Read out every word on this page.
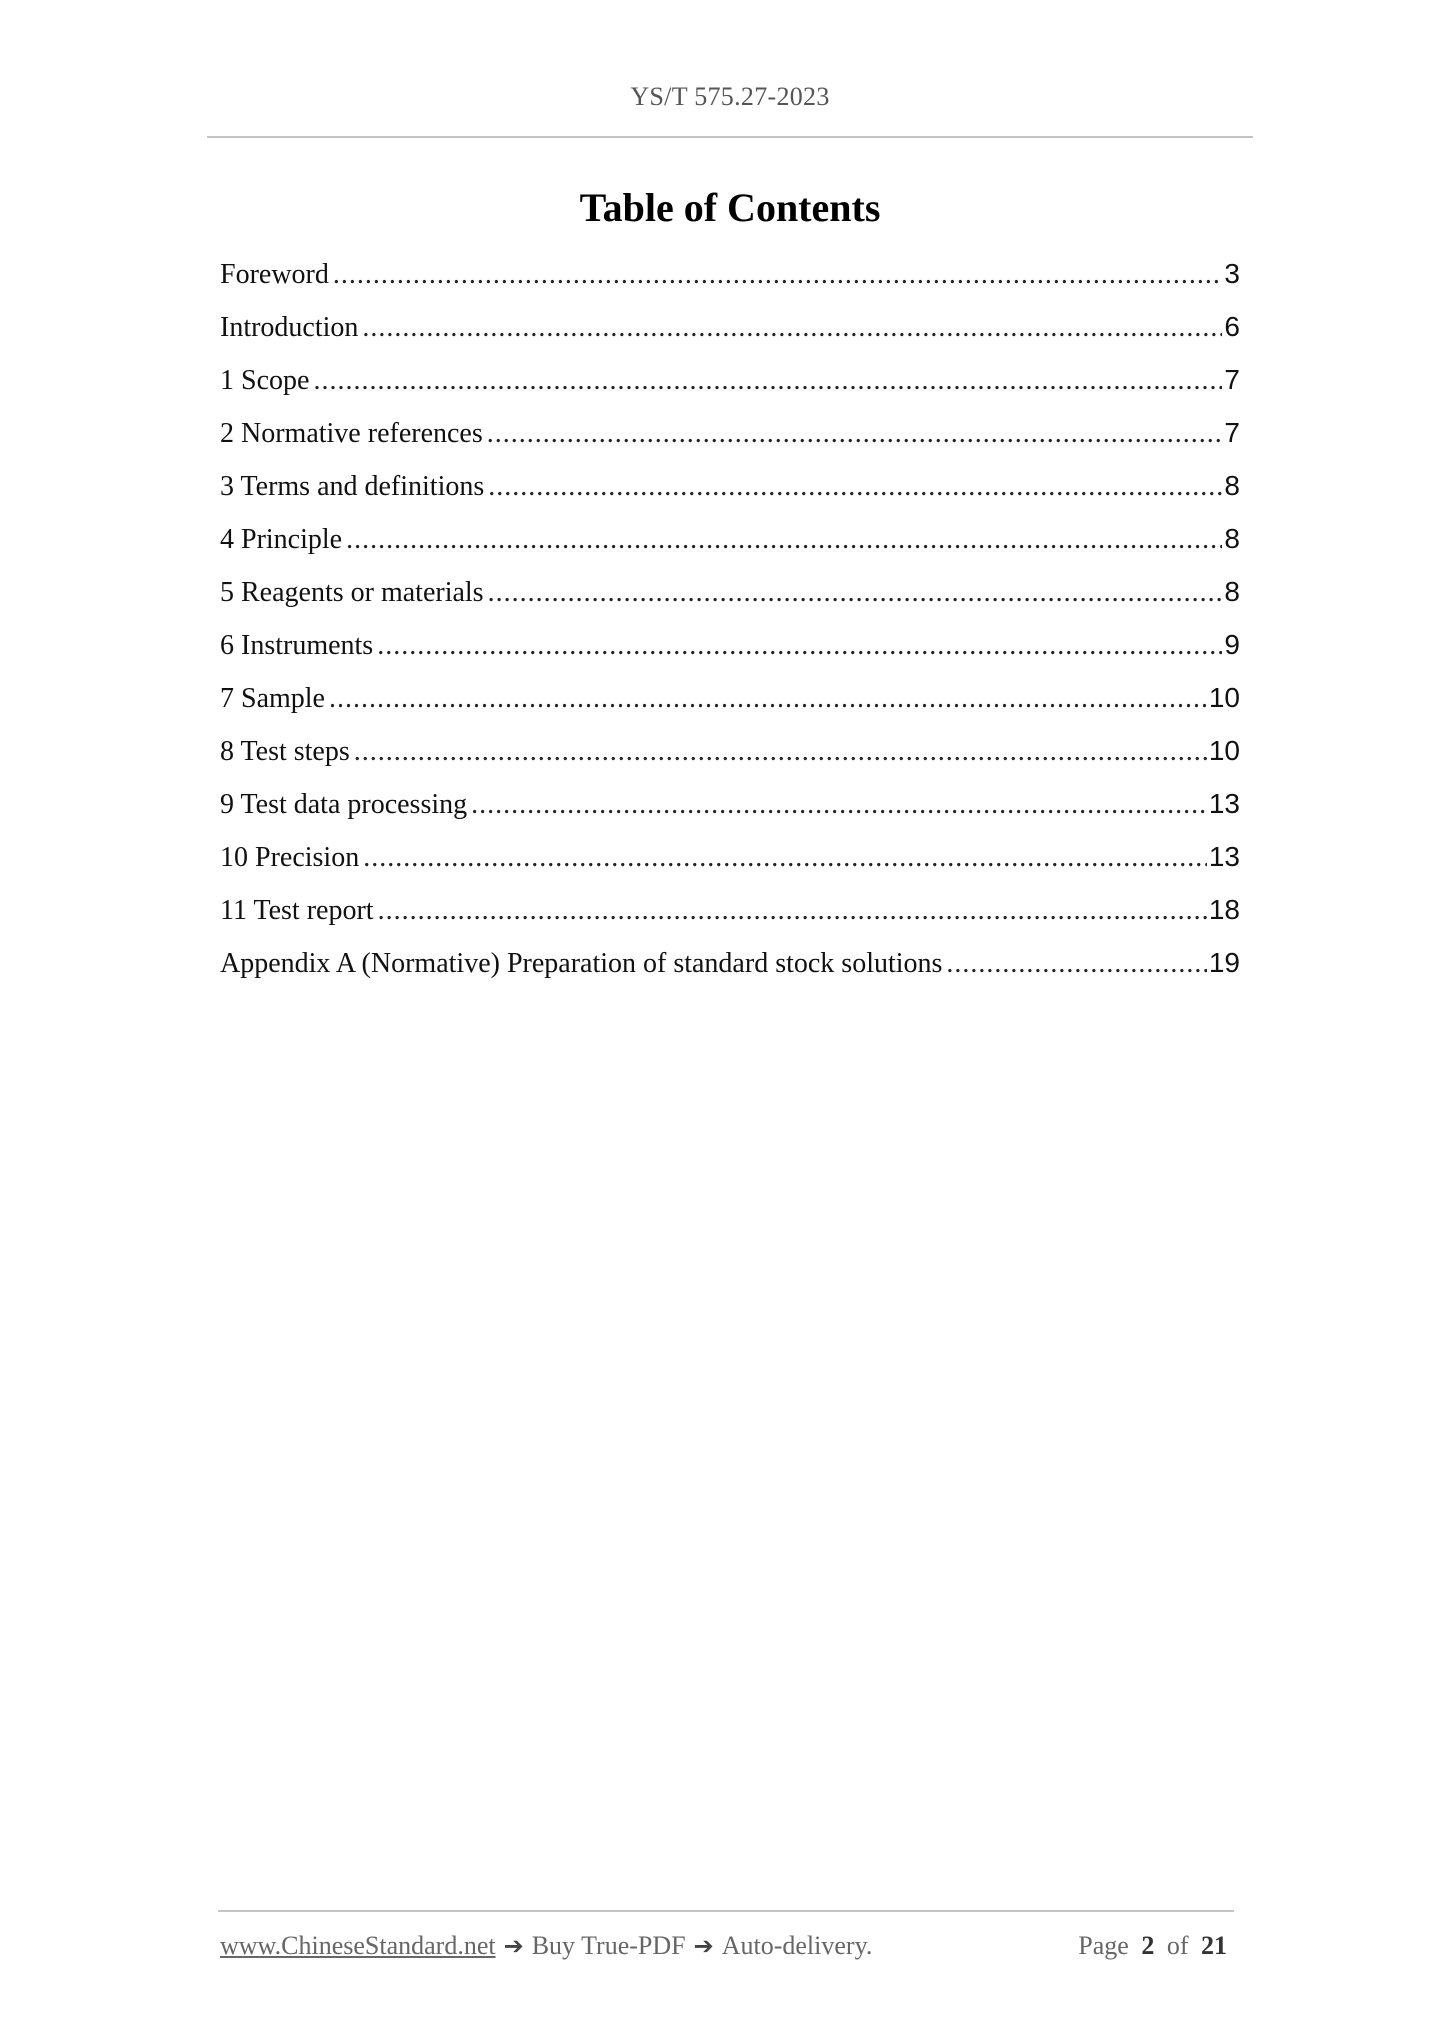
YS/T 575.27-2023
Table of Contents
Foreword .....	3
Introduction .....	6
1 Scope .....	7
2 Normative references .....	7
3 Terms and definitions .....	8
4 Principle .....	8
5 Reagents or materials .....	8
6 Instruments .....	9
7 Sample .....	10
8 Test steps .....	10
9 Test data processing .....	13
10 Precision .....	13
11 Test report .....	18
Appendix A (Normative) Preparation of standard stock solutions .....	19
www.ChineseStandard.net ➔ Buy True-PDF ➔ Auto-delivery.	Page 2 of 21
